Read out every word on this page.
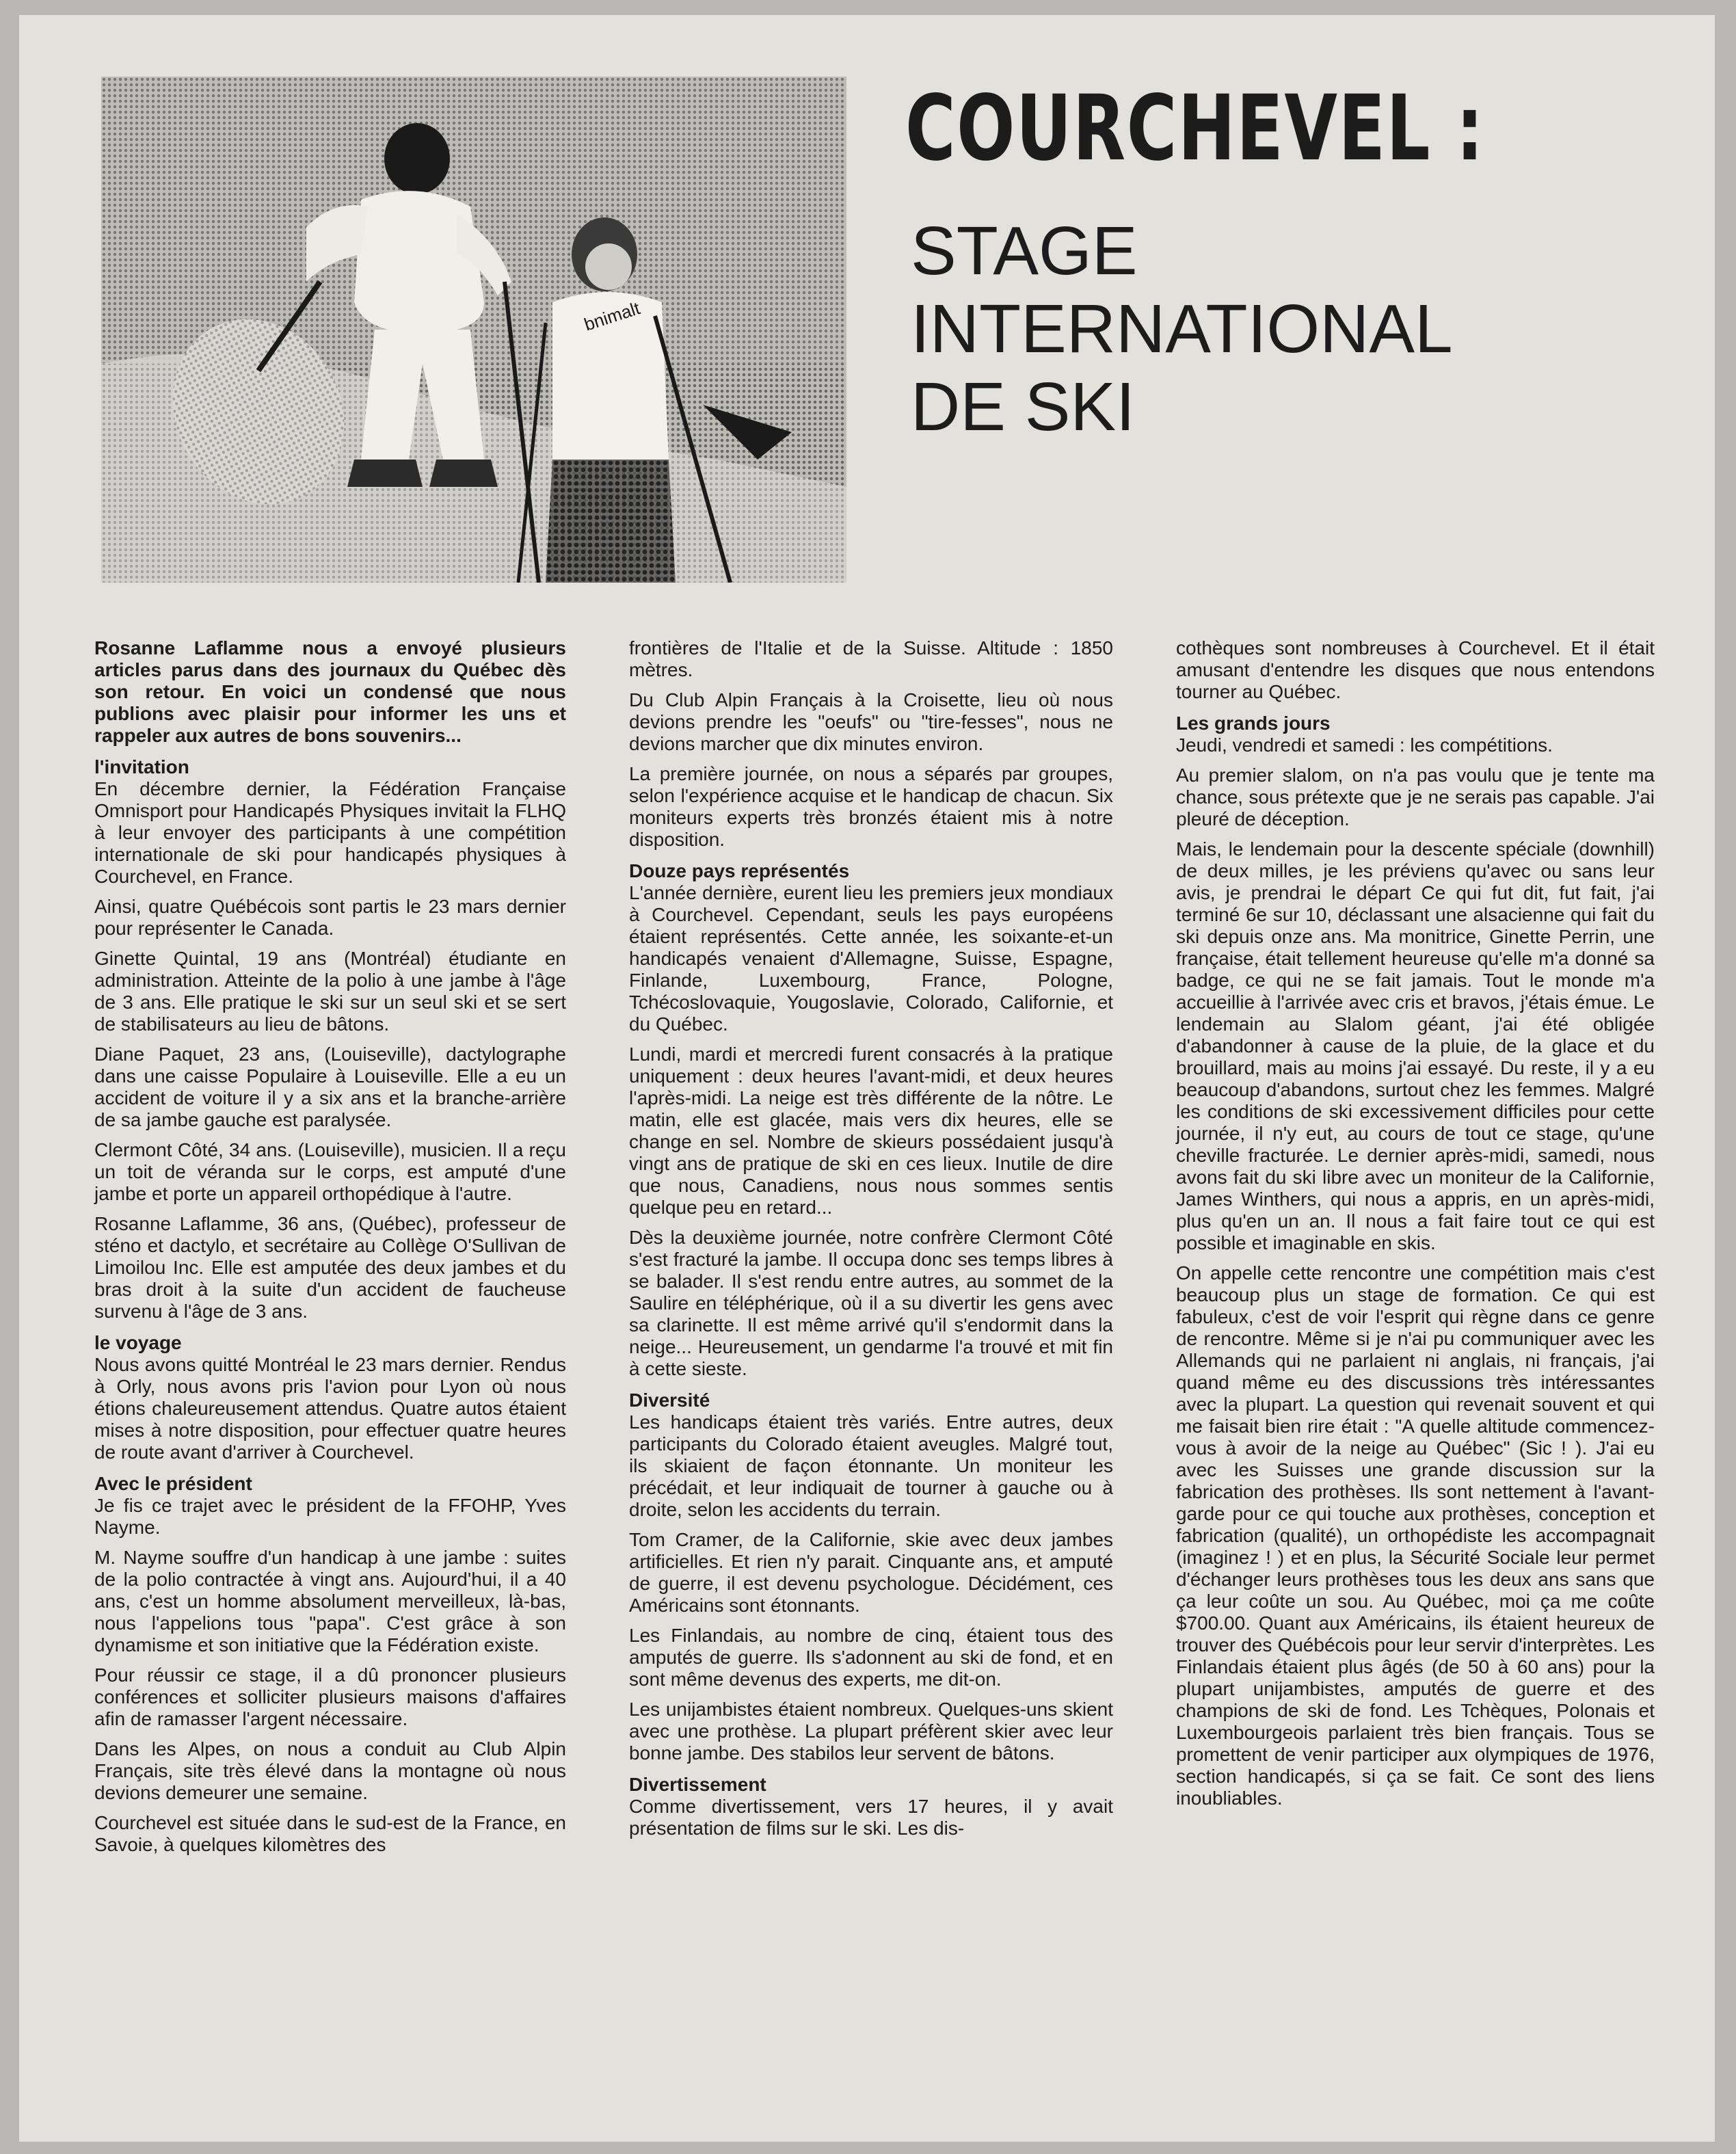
bnimalt
COURCHEVEL :
STAGE
INTERNATIONAL
DE SKI

Rosanne Laflamme nous a envoyé plusieurs articles parus dans des journaux du Québec dès son retour. En voici un condensé que nous publions avec plaisir pour informer les uns et rappeler aux autres de bons souvenirs...

l'invitation

En décembre dernier, la Fédération Française Omnisport pour Handicapés Physiques invitait la FLHQ à leur envoyer des participants à une compétition internationale de ski pour handicapés physiques à Courchevel, en France.

Ainsi, quatre Québécois sont partis le 23 mars dernier pour représenter le Canada.

Ginette Quintal, 19 ans (Montréal) étudiante en administration. Atteinte de la polio à une jambe à l'âge de 3 ans. Elle pratique le ski sur un seul ski et se sert de stabilisateurs au lieu de bâtons.

Diane Paquet, 23 ans, (Louiseville), dactylographe dans une caisse Populaire à Louiseville. Elle a eu un accident de voiture il y a six ans et la branche-arrière de sa jambe gauche est paralysée.

Clermont Côté, 34 ans. (Louiseville), musicien. Il a reçu un toit de véranda sur le corps, est amputé d'une jambe et porte un appareil orthopédique à l'autre.

Rosanne Laflamme, 36 ans, (Québec), professeur de sténo et dactylo, et secrétaire au Collège O'Sullivan de Limoilou Inc. Elle est amputée des deux jambes et du bras droit à la suite d'un accident de faucheuse survenu à l'âge de 3 ans.

le voyage

Nous avons quitté Montréal le 23 mars dernier. Rendus à Orly, nous avons pris l'avion pour Lyon où nous étions chaleureusement attendus. Quatre autos étaient mises à notre disposition, pour effectuer quatre heures de route avant d'arriver à Courchevel.

Avec le président

Je fis ce trajet avec le président de la FFOHP, Yves Nayme.

M. Nayme souffre d'un handicap à une jambe : suites de la polio contractée à vingt ans. Aujourd'hui, il a 40 ans, c'est un homme absolument merveilleux, là-bas, nous l'appelions tous "papa". C'est grâce à son dynamisme et son initiative que la Fédération existe.

Pour réussir ce stage, il a dû prononcer plusieurs conférences et solliciter plusieurs maisons d'affaires afin de ramasser l'argent nécessaire.

Dans les Alpes, on nous a conduit au Club Alpin Français, site très élevé dans la montagne où nous devions demeurer une semaine.

Courchevel est située dans le sud-est de la France, en Savoie, à quelques kilomètres des

frontières de l'Italie et de la Suisse. Altitude : 1850 mètres.

Du Club Alpin Français à la Croisette, lieu où nous devions prendre les "oeufs" ou "tire-fesses", nous ne devions marcher que dix minutes environ.

La première journée, on nous a séparés par groupes, selon l'expérience acquise et le handicap de chacun. Six moniteurs experts très bronzés étaient mis à notre disposition.

Douze pays représentés

L'année dernière, eurent lieu les premiers jeux mondiaux à Courchevel. Cependant, seuls les pays européens étaient représentés. Cette année, les soixante-et-un handicapés venaient d'Allemagne, Suisse, Espagne, Finlande, Luxembourg, France, Pologne, Tchécoslovaquie, Yougoslavie, Colorado, Californie, et du Québec.

Lundi, mardi et mercredi furent consacrés à la pratique uniquement : deux heures l'avant-midi, et deux heures l'après-midi. La neige est très différente de la nôtre. Le matin, elle est glacée, mais vers dix heures, elle se change en sel. Nombre de skieurs possédaient jusqu'à vingt ans de pratique de ski en ces lieux. Inutile de dire que nous, Canadiens, nous nous sommes sentis quelque peu en retard...

Dès la deuxième journée, notre confrère Clermont Côté s'est fracturé la jambe. Il occupa donc ses temps libres à se balader. Il s'est rendu entre autres, au sommet de la Saulire en téléphérique, où il a su divertir les gens avec sa clarinette. Il est même arrivé qu'il s'endormit dans la neige... Heureusement, un gendarme l'a trouvé et mit fin à cette sieste.

Diversité

Les handicaps étaient très variés. Entre autres, deux participants du Colorado étaient aveugles. Malgré tout, ils skiaient de façon étonnante. Un moniteur les précédait, et leur indiquait de tourner à gauche ou à droite, selon les accidents du terrain.

Tom Cramer, de la Californie, skie avec deux jambes artificielles. Et rien n'y parait. Cinquante ans, et amputé de guerre, il est devenu psychologue. Décidément, ces Américains sont étonnants.

Les Finlandais, au nombre de cinq, étaient tous des amputés de guerre. Ils s'adonnent au ski de fond, et en sont même devenus des experts, me dit-on.

Les unijambistes étaient nombreux. Quelques-uns skient avec une prothèse. La plupart préfèrent skier avec leur bonne jambe. Des stabilos leur servent de bâtons.

Divertissement

Comme divertissement, vers 17 heures, il y avait présentation de films sur le ski. Les dis-

cothèques sont nombreuses à Courchevel. Et il était amusant d'entendre les disques que nous entendons tourner au Québec.

Les grands jours

Jeudi, vendredi et samedi : les compétitions.

Au premier slalom, on n'a pas voulu que je tente ma chance, sous prétexte que je ne serais pas capable. J'ai pleuré de déception.

Mais, le lendemain pour la descente spéciale (downhill) de deux milles, je les préviens qu'avec ou sans leur avis, je prendrai le départ Ce qui fut dit, fut fait, j'ai terminé 6e sur 10, déclassant une alsacienne qui fait du ski depuis onze ans. Ma monitrice, Ginette Perrin, une française, était tellement heureuse qu'elle m'a donné sa badge, ce qui ne se fait jamais. Tout le monde m'a accueillie à l'arrivée avec cris et bravos, j'étais émue. Le lendemain au Slalom géant, j'ai été obligée d'abandonner à cause de la pluie, de la glace et du brouillard, mais au moins j'ai essayé. Du reste, il y a eu beaucoup d'abandons, surtout chez les femmes. Malgré les conditions de ski excessivement difficiles pour cette journée, il n'y eut, au cours de tout ce stage, qu'une cheville fracturée. Le dernier après-midi, samedi, nous avons fait du ski libre avec un moniteur de la Californie, James Winthers, qui nous a appris, en un après-midi, plus qu'en un an. Il nous a fait faire tout ce qui est possible et imaginable en skis.

On appelle cette rencontre une compétition mais c'est beaucoup plus un stage de formation. Ce qui est fabuleux, c'est de voir l'esprit qui règne dans ce genre de rencontre. Même si je n'ai pu communiquer avec les Allemands qui ne parlaient ni anglais, ni français, j'ai quand même eu des discussions très intéressantes avec la plupart. La question qui revenait souvent et qui me faisait bien rire était : "A quelle altitude commencez-vous à avoir de la neige au Québec" (Sic ! ). J'ai eu avec les Suisses une grande discussion sur la fabrication des prothèses. Ils sont nettement à l'avant-garde pour ce qui touche aux prothèses, conception et fabrication (qualité), un orthopédiste les accompagnait (imaginez ! ) et en plus, la Sécurité Sociale leur permet d'échanger leurs prothèses tous les deux ans sans que ça leur coûte un sou. Au Québec, moi ça me coûte $700.00. Quant aux Américains, ils étaient heureux de trouver des Québécois pour leur servir d'interprètes. Les Finlandais étaient plus âgés (de 50 à 60 ans) pour la plupart unijambistes, amputés de guerre et des champions de ski de fond. Les Tchèques, Polonais et Luxembourgeois parlaient très bien français. Tous se promettent de venir participer aux olympiques de 1976, section handicapés, si ça se fait. Ce sont des liens inoubliables.
